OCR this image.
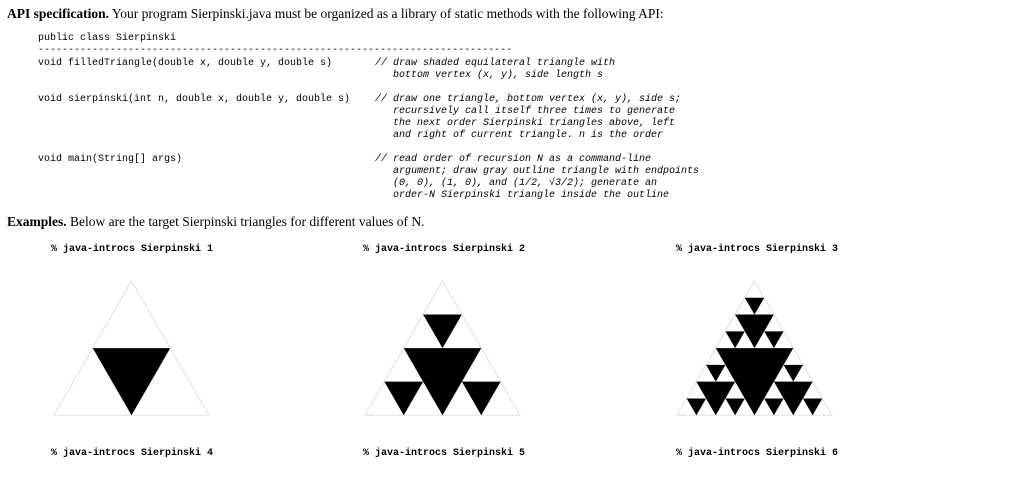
API specification. Your program Sierpinski.java must be organized as a library of static methods with the following API:
public class Sierpinski
-------------------------------------------------------------------------------
void filledTriangle(double x, double y, double s)	// draw shaded equilateral triangle with
bottom vertex (x, y), side length s
void sierpinski(int n, double x, double y, double s) // draw one triangle, bottom vertex (x, y), side s;
recursively call itself three times to generate
the next order Sierpinski triangles above, left
and right of current triangle. n is the order
void main(String[] args)	// read order of recursion N as a command-line
argument; draw gray outline triangle with endpoints
(0, 0), (1, 0), and (1/2, √3/2); generate an
order-N Sierpinski triangle inside the outline
Examples. Below are the target Sierpinski triangles for different values of N.
% java-introcs Sierpinski 1	% java-introcs Sierpinski 2	% java-introcs Sierpinski 3
% java-introcs Sierpinski 4	% java-introcs Sierpinski 5	% java-introcs Sierpinski 6
